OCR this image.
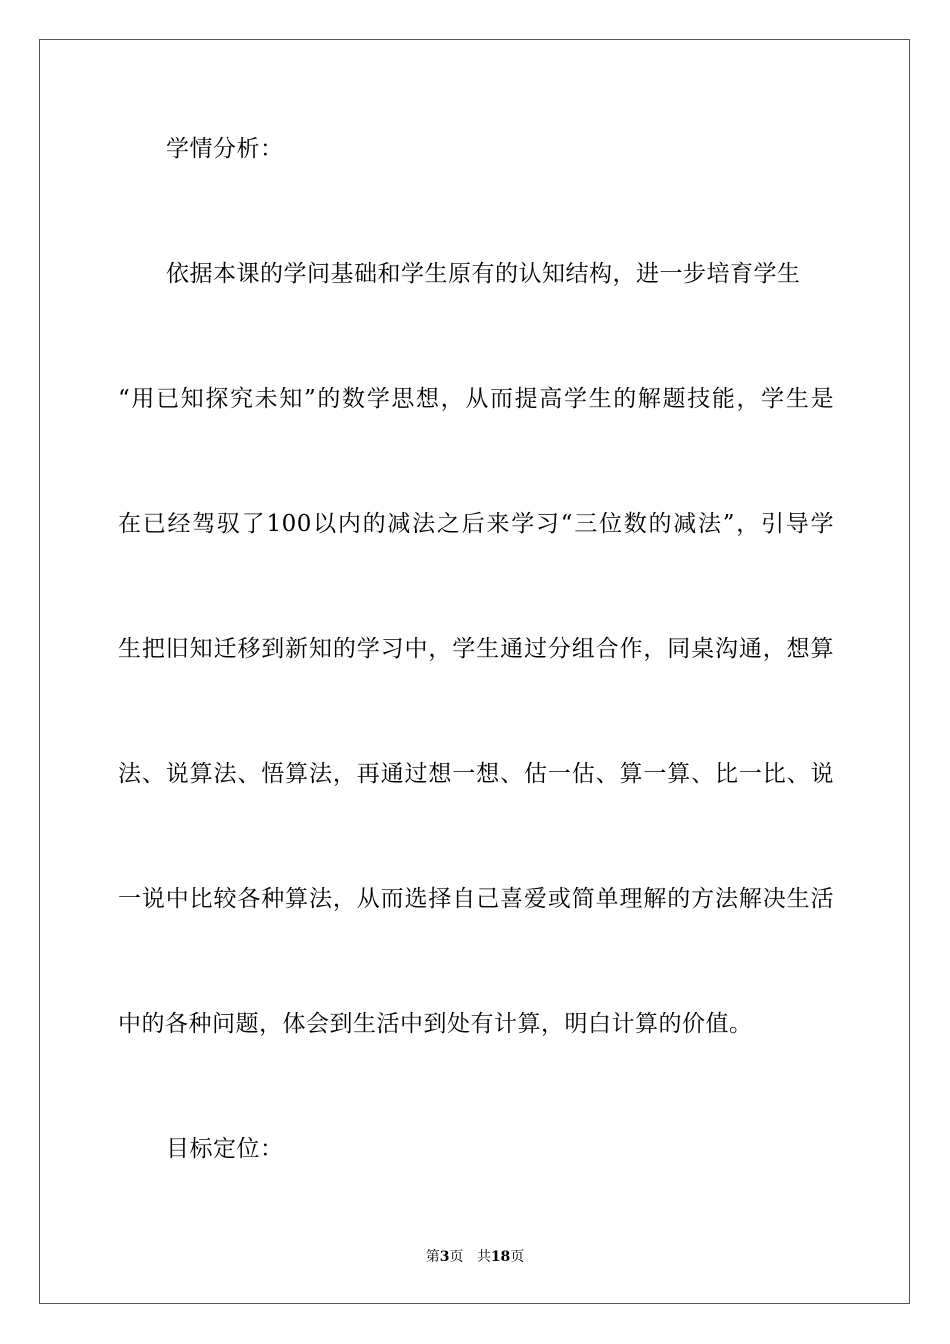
学情分析：
依据本课的学问基础和学生原有的认知结构，进一步培育学生
“用已知探究未知”的数学思想，从而提高学生的解题技能，学生是
在已经驾驭了100以内的减法之后来学习“三位数的减法”，引导学
生把旧知迁移到新知的学习中，学生通过分组合作，同桌沟通，想算
法、说算法、悟算法，再通过想一想、估一估、算一算、比一比、说
一说中比较各种算法，从而选择自己喜爱或简单理解的方法解决生活
中的各种问题，体会到生活中到处有计算，明白计算的价值。
目标定位：
第3页 共18页
